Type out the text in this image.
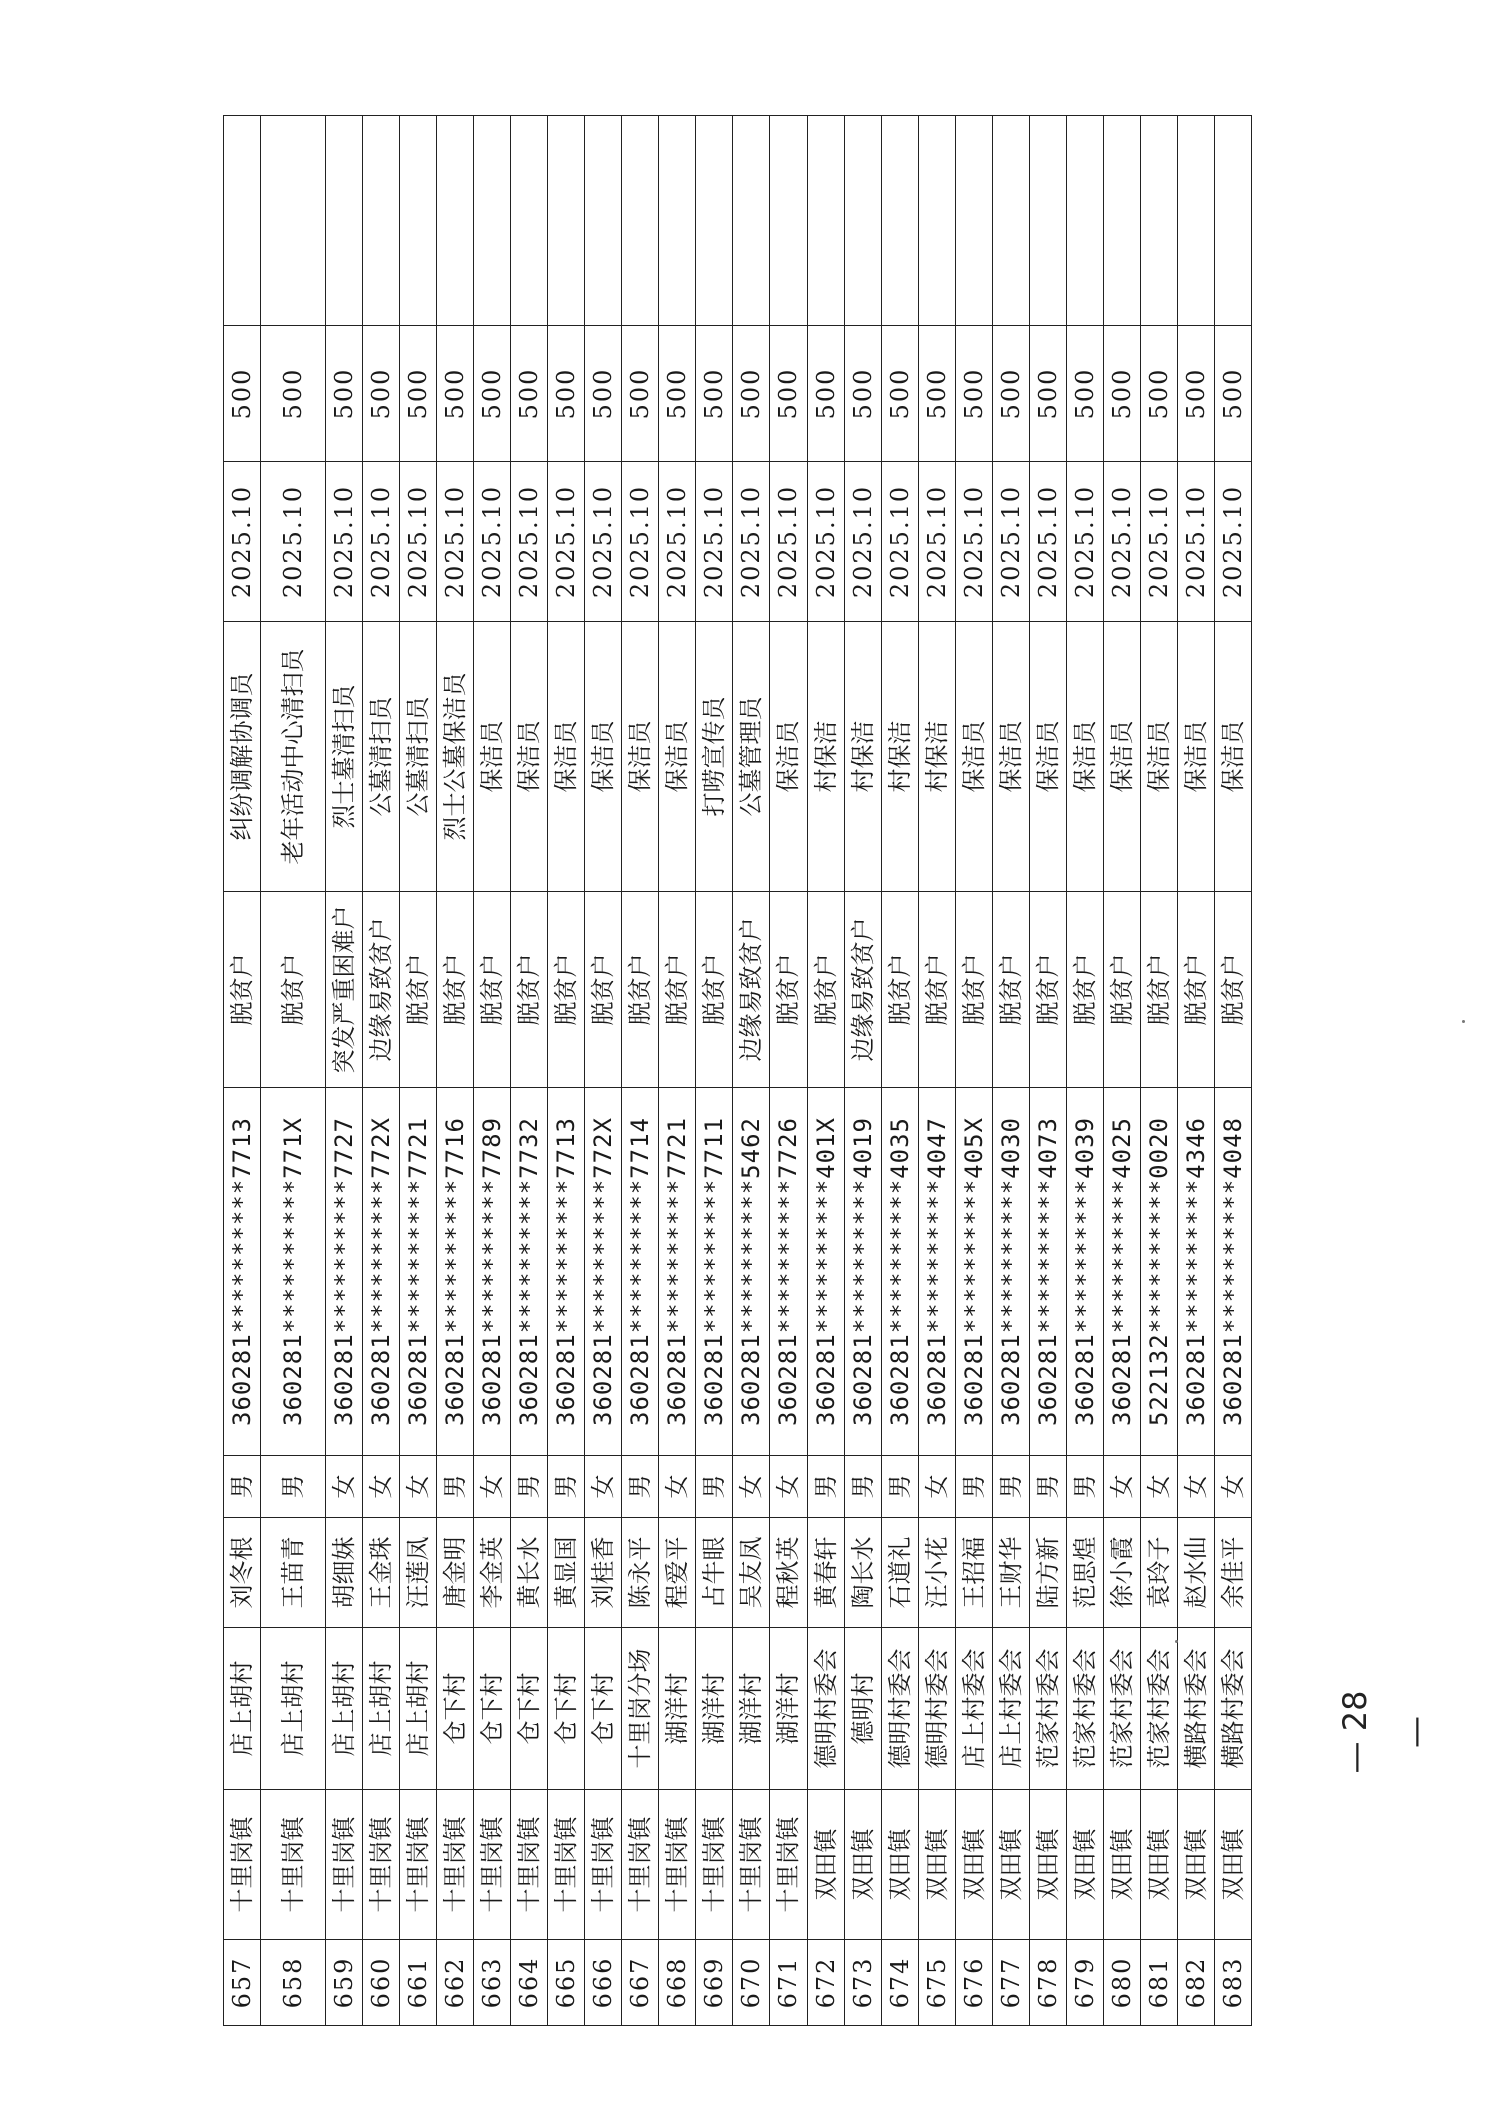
657	十里岗镇	店上胡村	刘冬根	男	360281**********7713	脱贫户	纠纷调解协调员	2025.10	500	
658	十里岗镇	店上胡村	王苗青	男	360281**********771X	脱贫户	老年活动中心清扫员	2025.10	500	
659	十里岗镇	店上胡村	胡细妹	女	360281**********7727	突发严重困难户	烈士墓清扫员	2025.10	500	
660	十里岗镇	店上胡村	王金珠	女	360281**********772X	边缘易致贫户	公墓清扫员	2025.10	500	
661	十里岗镇	店上胡村	汪莲凤	女	360281**********7721	脱贫户	公墓清扫员	2025.10	500	
662	十里岗镇	仓下村	唐金明	男	360281**********7716	脱贫户	烈士公墓保洁员	2025.10	500	
663	十里岗镇	仓下村	李金英	女	360281**********7789	脱贫户	保洁员	2025.10	500	
664	十里岗镇	仓下村	黄长水	男	360281**********7732	脱贫户	保洁员	2025.10	500	
665	十里岗镇	仓下村	黄显国	男	360281**********7713	脱贫户	保洁员	2025.10	500	
666	十里岗镇	仓下村	刘桂香	女	360281**********772X	脱贫户	保洁员	2025.10	500	
667	十里岗镇	十里岗分场	陈永平	男	360281**********7714	脱贫户	保洁员	2025.10	500	
668	十里岗镇	湖洋村	程爱平	女	360281**********7721	脱贫户	保洁员	2025.10	500	
669	十里岗镇	湖洋村	占牛眼	男	360281**********7711	脱贫户	打唠宣传员	2025.10	500	
670	十里岗镇	湖洋村	吴友凤	女	360281**********5462	边缘易致贫户	公墓管理员	2025.10	500	
671	十里岗镇	湖洋村	程秋英	女	360281**********7726	脱贫户	保洁员	2025.10	500	
672	双田镇	德明村委会	黄春轩	男	360281**********401X	脱贫户	村保洁	2025.10	500	
673	双田镇	德明村	陶长水	男	360281**********4019	边缘易致贫户	村保洁	2025.10	500	
674	双田镇	德明村委会	石道礼	男	360281**********4035	脱贫户	村保洁	2025.10	500	
675	双田镇	德明村委会	汪小花	女	360281**********4047	脱贫户	村保洁	2025.10	500	
676	双田镇	店上村委会	王招福	男	360281**********405X	脱贫户	保洁员	2025.10	500	
677	双田镇	店上村委会	王财华	男	360281**********4030	脱贫户	保洁员	2025.10	500	
678	双田镇	范家村委会	陆方新	男	360281**********4073	脱贫户	保洁员	2025.10	500	
679	双田镇	范家村委会	范思煌	男	360281**********4039	脱贫户	保洁员	2025.10	500	
680	双田镇	范家村委会	徐小霞	女	360281**********4025	脱贫户	保洁员	2025.10	500	
681	双田镇	范家村委会	袁玲子	女	522132**********0020	脱贫户	保洁员	2025.10	500	
682	双田镇	横路村委会	赵水仙	女	360281**********4346	脱贫户	保洁员	2025.10	500	
683	双田镇	横路村委会	余佳平	女	360281**********4048	脱贫户	保洁员	2025.10	500	
— 28 —
